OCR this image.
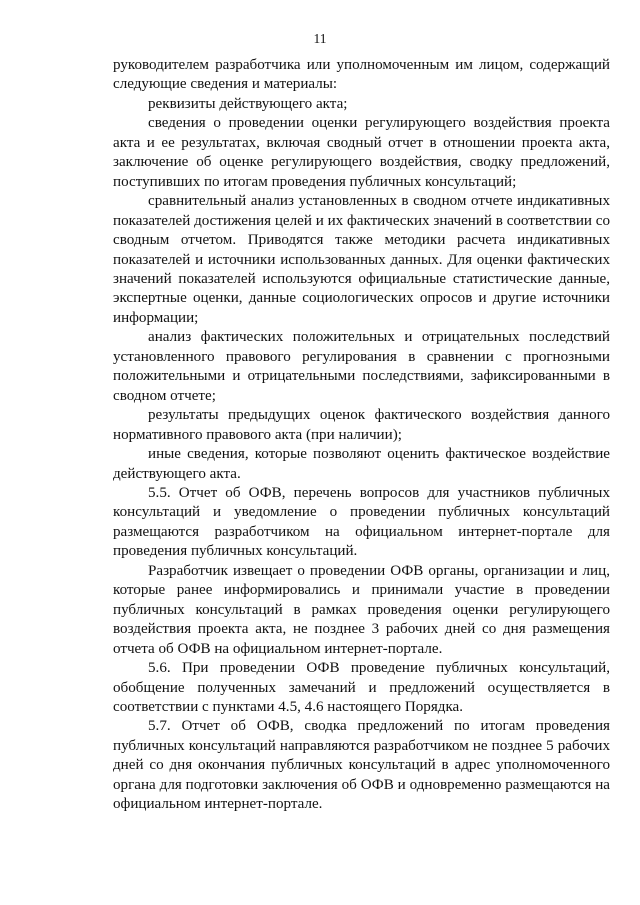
11

руководителем разработчика или уполномоченным им лицом, содержащий следующие сведения и материалы:

реквизиты действующего акта;

сведения о проведении оценки регулирующего воздействия проекта акта и ее результатах, включая сводный отчет в отношении проекта акта, заключение об оценке регулирующего воздействия, сводку предложений, поступивших по итогам проведения публичных консультаций;

сравнительный анализ установленных в сводном отчете индикативных показателей достижения целей и их фактических значений в соответствии со сводным отчетом. Приводятся также методики расчета индикативных показателей и источники использованных данных. Для оценки фактических значений показателей используются официальные статистические данные, экспертные оценки, данные социологических опросов и другие источники информации;

анализ фактических положительных и отрицательных последствий установленного правового регулирования в сравнении с прогнозными положительными и отрицательными последствиями, зафиксированными в сводном отчете;

результаты предыдущих оценок фактического воздействия данного нормативного правового акта (при наличии);

иные сведения, которые позволяют оценить фактическое воздействие действующего акта.

5.5. Отчет об ОФВ, перечень вопросов для участников публичных консультаций и уведомление о проведении публичных консультаций размещаются разработчиком на официальном интернет-портале для проведения публичных консультаций.

Разработчик извещает о проведении ОФВ органы, организации и лиц, которые ранее информировались и принимали участие в проведении публичных консультаций в рамках проведения оценки регулирующего воздействия проекта акта, не позднее 3 рабочих дней со дня размещения отчета об ОФВ на официальном интернет-портале.

5.6. При проведении ОФВ проведение публичных консультаций, обобщение полученных замечаний и предложений осуществляется в соответствии с пунктами 4.5, 4.6 настоящего Порядка.

5.7. Отчет об ОФВ, сводка предложений по итогам проведения публичных консультаций направляются разработчиком не позднее 5 рабочих дней со дня окончания публичных консультаций в адрес уполномоченного органа для подготовки заключения об ОФВ и одновременно размещаются на официальном интернет-портале.
